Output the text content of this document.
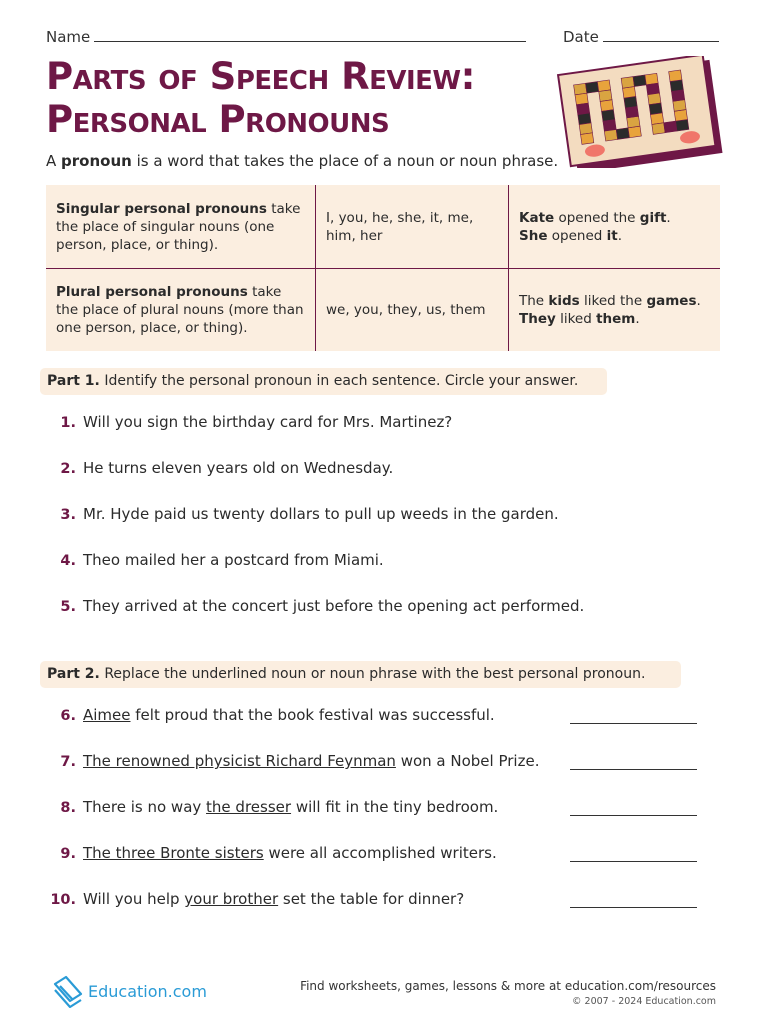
Name	Date
Parts of Speech Review:
Personal Pronouns
A pronoun is a word that takes the place of a noun or noun phrase.
Singular personal pronouns take the place of singular nouns (one person, place, or thing).
I, you, he, she, it, me, him, her
Kate opened the gift.
She opened it.
Plural personal pronouns take the place of plural nouns (more than one person, place, or thing).
we, you, they, us, them
The kids liked the games.
They liked them.
Part 1. Identify the personal pronoun in each sentence. Circle your answer.
1. Will you sign the birthday card for Mrs. Martinez?
2. He turns eleven years old on Wednesday.
3. Mr. Hyde paid us twenty dollars to pull up weeds in the garden.
4. Theo mailed her a postcard from Miami.
5. They arrived at the concert just before the opening act performed.
Part 2. Replace the underlined noun or noun phrase with the best personal pronoun.
6. Aimee felt proud that the book festival was successful.
7. The renowned physicist Richard Feynman won a Nobel Prize.
8. There is no way the dresser will fit in the tiny bedroom.
9. The three Bronte sisters were all accomplished writers.
10. Will you help your brother set the table for dinner?
Education.com	Find worksheets, games, lessons & more at education.com/resources
© 2007 - 2024 Education.com
